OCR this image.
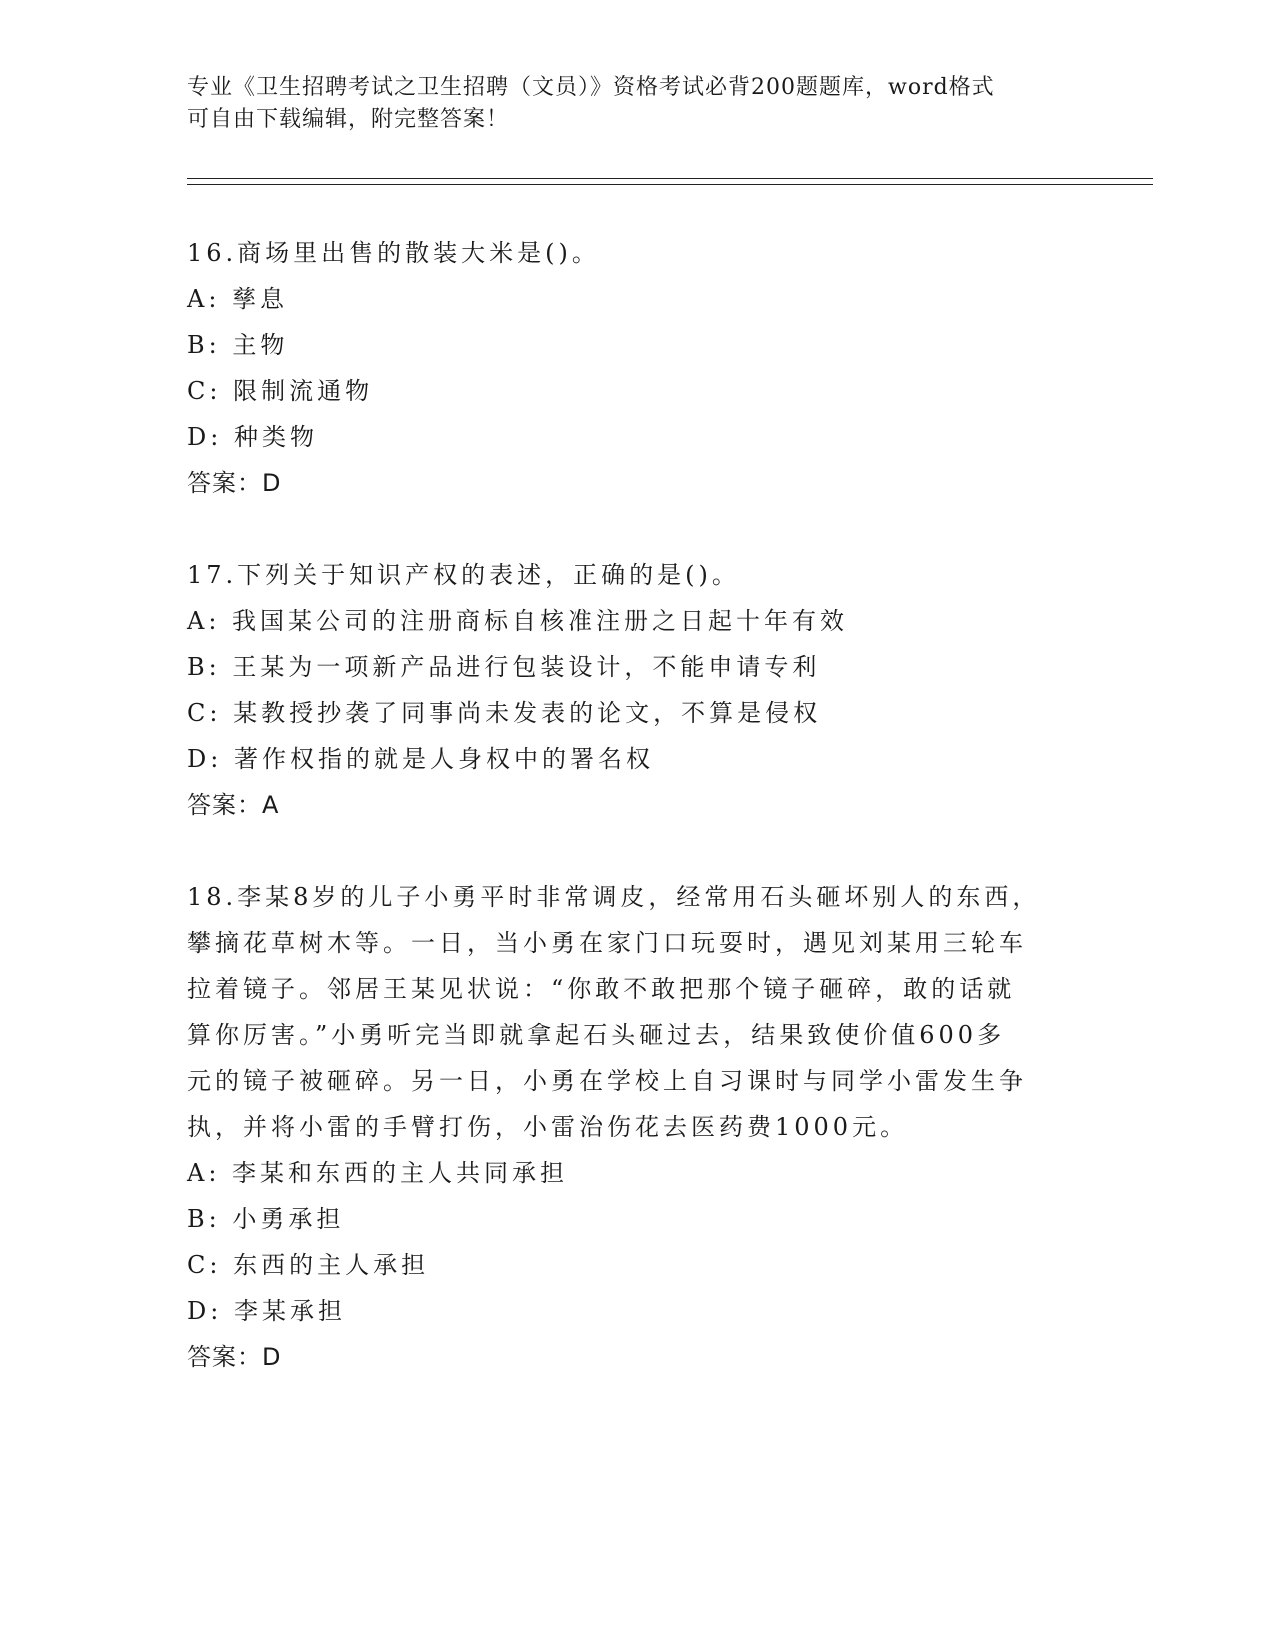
专业《卫生招聘考试之卫生招聘（文员）》资格考试必背200题题库，word格式
可自由下载编辑，附完整答案！
16.商场里出售的散装大米是()。
A: 孳息
B: 主物
C: 限制流通物
D: 种类物
答案：D
17.下列关于知识产权的表述，正确的是()。
A: 我国某公司的注册商标自核准注册之日起十年有效
B: 王某为一项新产品进行包装设计，不能申请专利
C: 某教授抄袭了同事尚未发表的论文，不算是侵权
D: 著作权指的就是人身权中的署名权
答案：A
18.李某8岁的儿子小勇平时非常调皮，经常用石头砸坏别人的东西，
攀摘花草树木等。一日，当小勇在家门口玩耍时，遇见刘某用三轮车
拉着镜子。邻居王某见状说：“你敢不敢把那个镜子砸碎，敢的话就
算你厉害。”小勇听完当即就拿起石头砸过去，结果致使价值600多
元的镜子被砸碎。另一日，小勇在学校上自习课时与同学小雷发生争
执，并将小雷的手臂打伤，小雷治伤花去医药费1000元。
A: 李某和东西的主人共同承担
B: 小勇承担
C: 东西的主人承担
D: 李某承担
答案：D
